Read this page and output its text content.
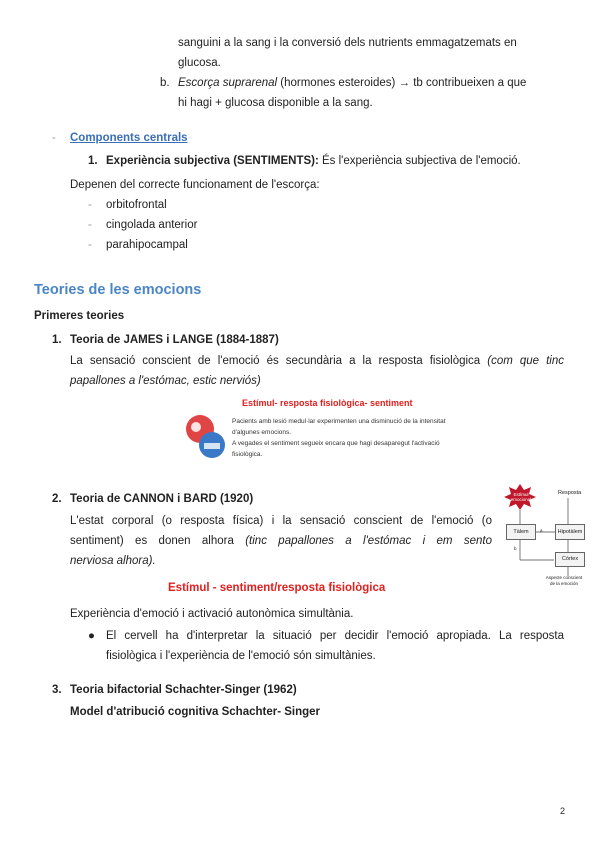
sanguini a la sang i la conversió dels nutrients emmagatzemats en
glucosa.
b. Escorça suprarenal (hormones esteroides) → tb contribueixen a que
hi hagi + glucosa disponible a la sang.
- Components centrals
1. Experiència subjectiva (SENTIMENTS): És l'experiència subjectiva de l'emoció.
Depenen del correcte funcionament de l'escorça:
- orbitofrontal
- cingolada anterior
- parahipocampal
Teories de les emocions
Primeres teories
1. Teoria de JAMES i LANGE (1884-1887)
La sensació conscient de l'emoció és secundària a la resposta fisiològica (com que tinc
papallones a l'estómac, estic nerviós)
Estímul- resposta fisiològica- sentiment
Pacients amb lesió medul·lar experimenten una disminució de la intensitat
d'algunes emocions.
A vegades el sentiment segueix encara que hagi desaparegut l'activació
fisiològica.
2. Teoria de CANNON i BARD (1920)
L'estat corporal (o resposta física) i la sensació conscient de l'emoció (o
sentiment) es donen alhora (tinc papallones a l'estómac i em sento
nerviosa alhora).
Estímul emocional
Resposta
Tàlem	Hipotàlem
Còrtex
a
b
Aspecte conscient
de la emoción
Estímul - sentiment/resposta fisiològica
Experiència d'emoció i activació autonòmica simultània.
● El cervell ha d'interpretar la situació per decidir l'emoció apropiada. La resposta
fisiològica i l'experiència de l'emoció són simultànies.
3. Teoria bifactorial Schachter-Singer (1962)
Model d'atribució cognitiva Schachter- Singer
2
